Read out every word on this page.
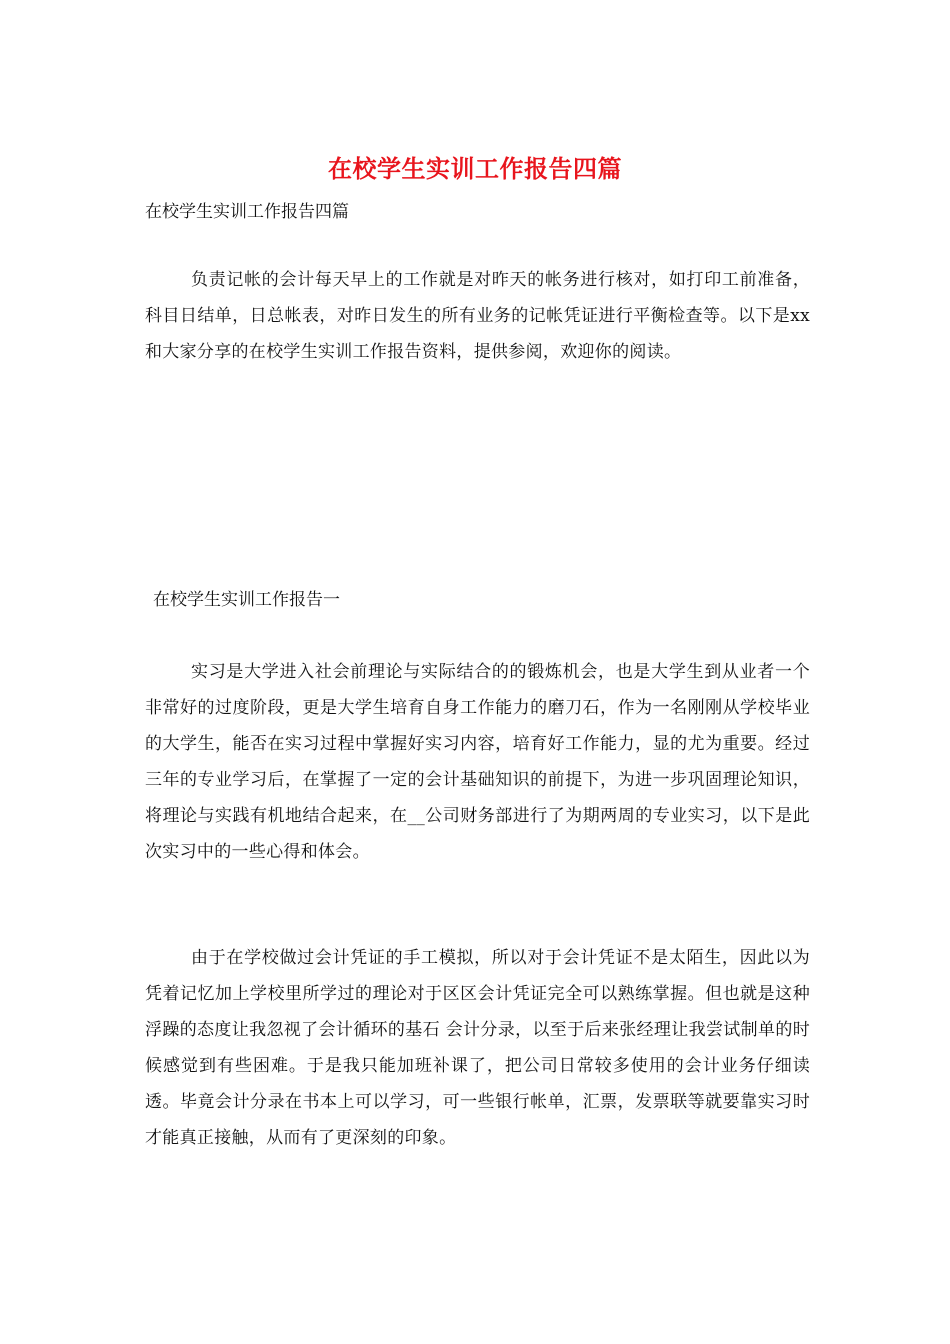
在校学生实训工作报告四篇
在校学生实训工作报告四篇

负责记帐的会计每天早上的工作就是对昨天的帐务进行核对，如打印工前准备，科目日结单，日总帐表，对昨日发生的所有业务的记帐凭证进行平衡检查等。以下是xx和大家分享的在校学生实训工作报告资料，提供参阅，欢迎你的阅读。

在校学生实训工作报告一

实习是大学进入社会前理论与实际结合的的锻炼机会，也是大学生到从业者一个非常好的过度阶段，更是大学生培育自身工作能力的磨刀石，作为一名刚刚从学校毕业的大学生，能否在实习过程中掌握好实习内容，培育好工作能力，显的尤为重要。经过三年的专业学习后，在掌握了一定的会计基础知识的前提下，为进一步巩固理论知识，将理论与实践有机地结合起来，在__公司财务部进行了为期两周的专业实习，以下是此次实习中的一些心得和体会。

由于在学校做过会计凭证的手工模拟，所以对于会计凭证不是太陌生，因此以为凭着记忆加上学校里所学过的理论对于区区会计凭证完全可以熟练掌握。但也就是这种浮躁的态度让我忽视了会计循环的基石 会计分录，以至于后来张经理让我尝试制单的时候感觉到有些困难。于是我只能加班补课了，把公司日常较多使用的会计业务仔细读透。毕竟会计分录在书本上可以学习，可一些银行帐单，汇票，发票联等就要靠实习时才能真正接触，从而有了更深刻的印象。
